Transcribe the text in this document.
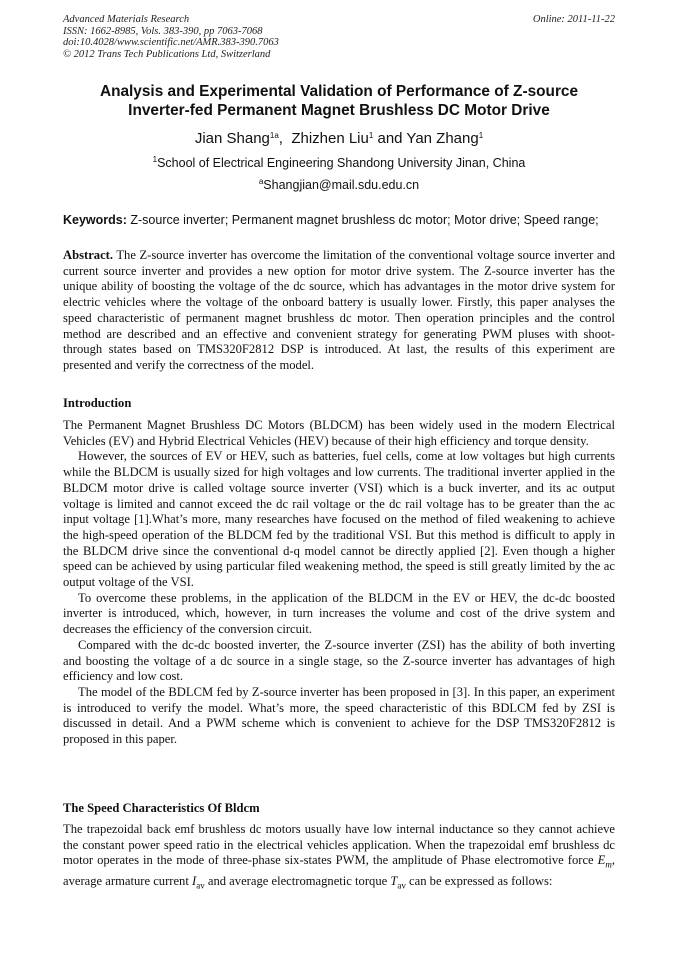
Advanced Materials Research
ISSN: 1662-8985, Vols. 383-390, pp 7063-7068
doi:10.4028/www.scientific.net/AMR.383-390.7063
© 2012 Trans Tech Publications Ltd, Switzerland
Online: 2011-11-22
Analysis and Experimental Validation of Performance of Z-source
Inverter-fed Permanent Magnet Brushless DC Motor Drive
Jian Shang$^{1a}$,  Zhizhen Liu$^1$ and Yan Zhang$^1$
$^1$School of Electrical Engineering Shandong University Jinan, China
$^a$Shangjian@mail.sdu.edu.cn
Keywords: Z-source inverter; Permanent magnet brushless dc motor; Motor drive; Speed range;

Abstract. The Z-source inverter has overcome the limitation of the conventional voltage source inverter and current source inverter and provides a new option for motor drive system. The Z-source inverter has the unique ability of boosting the voltage of the dc source, which has advantages in the motor drive system for electric vehicles where the voltage of the onboard battery is usually lower. Firstly, this paper analyses the speed characteristic of permanent magnet brushless dc motor. Then operation principles and the control method are described and an effective and convenient strategy for generating PWM pluses with shoot-through states based on TMS320F2812 DSP is introduced. At last, the results of this experiment are presented and verify the correctness of the model.

Introduction

The Permanent Magnet Brushless DC Motors (BLDCM) has been widely used in the modern Electrical Vehicles (EV) and Hybrid Electrical Vehicles (HEV) because of their high efficiency and torque density.

However, the sources of EV or HEV, such as batteries, fuel cells, come at low voltages but high currents while the BLDCM is usually sized for high voltages and low currents. The traditional inverter applied in the BLDCM motor drive is called voltage source inverter (VSI) which is a buck inverter, and its ac output voltage is limited and cannot exceed the dc rail voltage or the dc rail voltage has to be greater than the ac input voltage [1].What’s more, many researches have focused on the method of filed weakening to achieve the high-speed operation of the BLDCM fed by the traditional VSI. But this method is difficult to apply in the BLDCM drive since the conventional d-q model cannot be directly applied [2]. Even though a higher speed can be achieved by using particular filed weakening method, the speed is still greatly limited by the ac output voltage of the VSI.

To overcome these problems, in the application of the BLDCM in the EV or HEV, the dc-dc boosted inverter is introduced, which, however, in turn increases the volume and cost of the drive system and decreases the efficiency of the conversion circuit.

Compared with the dc-dc boosted inverter, the Z-source inverter (ZSI) has the ability of both inverting and boosting the voltage of a dc source in a single stage, so the Z-source inverter has advantages of high efficiency and low cost.

The model of the BDLCM fed by Z-source inverter has been proposed in [3]. In this paper, an experiment is introduced to verify the model. What’s more, the speed characteristic of this BDLCM fed by ZSI is discussed in detail. And a PWM scheme which is convenient to achieve for the DSP TMS320F2812 is proposed in this paper.

The Speed Characteristics Of Bldcm

The trapezoidal back emf brushless dc motors usually have low internal inductance so they cannot achieve the constant power speed ratio in the electrical vehicles application. When the trapezoidal emf brushless dc motor operates in the mode of three-phase six-states PWM, the amplitude of Phase electromotive force $E_m$, average armature current $I_{av}$ and average electromagnetic torque $T_{av}$ can be expressed as follows:
